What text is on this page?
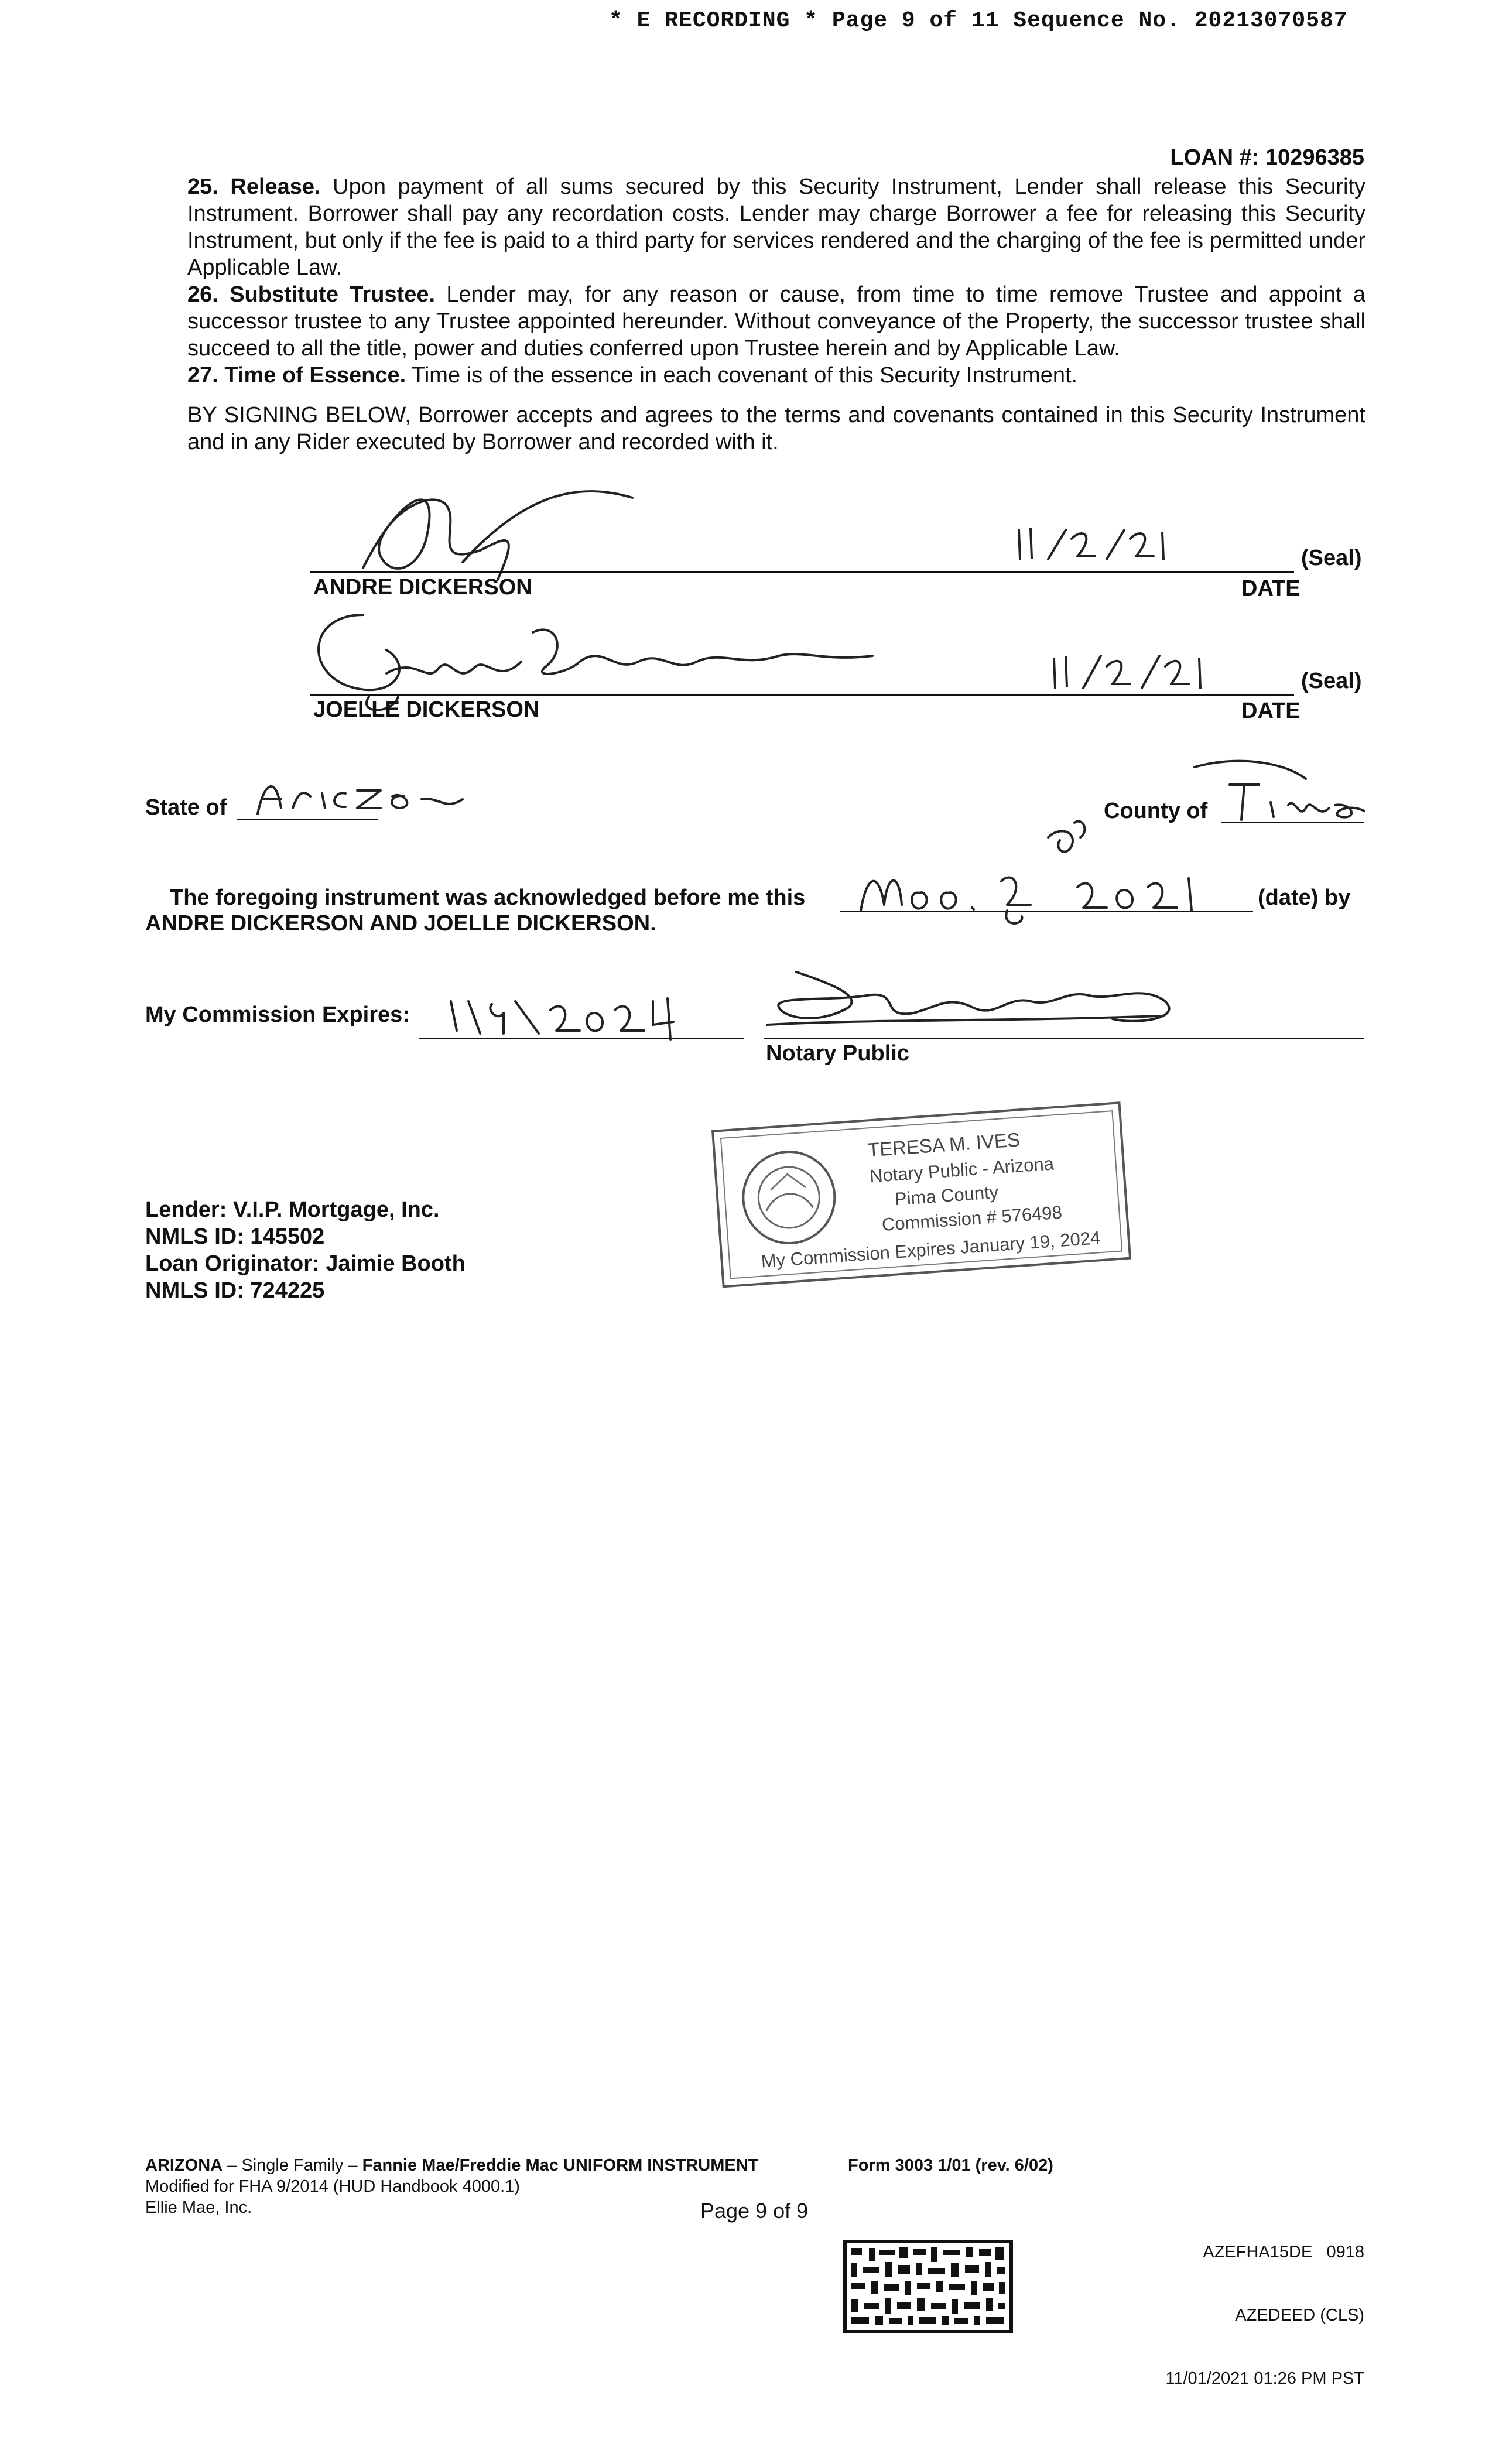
* E RECORDING * Page 9 of 11 Sequence No. 20213070587
LOAN #: 10296385

25. Release. Upon payment of all sums secured by this Security Instrument, Lender shall release this Security Instrument. Borrower shall pay any recordation costs. Lender may charge Borrower a fee for releasing this Security Instrument, but only if the fee is paid to a third party for services rendered and the charging of the fee is permitted under Applicable Law.

26. Substitute Trustee. Lender may, for any reason or cause, from time to time remove Trustee and appoint a successor trustee to any Trustee appointed hereunder. Without conveyance of the Property, the successor trustee shall succeed to all the title, power and duties conferred upon Trustee herein and by Applicable Law.

27. Time of Essence. Time is of the essence in each covenant of this Security Instrument.

BY SIGNING BELOW, Borrower accepts and agrees to the terms and covenants contained in this Security Instrument and in any Rider executed by Borrower and recorded with it.

ANDRE DICKERSON	DATE
(Seal)
JOELLE DICKERSON	DATE
(Seal)
State of	County of
The foregoing instrument was acknowledged before me this	(date) by
ANDRE DICKERSON AND JOELLE DICKERSON.
My Commission Expires:
Notary Public
TERESA M. IVES
Notary Public - Arizona
Pima County
Commission # 576498
My Commission Expires January 19, 2024
Lender: V.I.P. Mortgage, Inc.
NMLS ID: 145502
Loan Originator: Jaimie Booth
NMLS ID: 724225
ARIZONA – Single Family – Fannie Mae/Freddie Mac UNIFORM INSTRUMENT	Form 3003 1/01 (rev. 6/02)
Modified for FHA 9/2014 (HUD Handbook 4000.1)
Ellie Mae, Inc.	Page 9 of 9

AZEFHA15DE   0918

AZEDEED (CLS)

11/01/2021 01:26 PM PST
